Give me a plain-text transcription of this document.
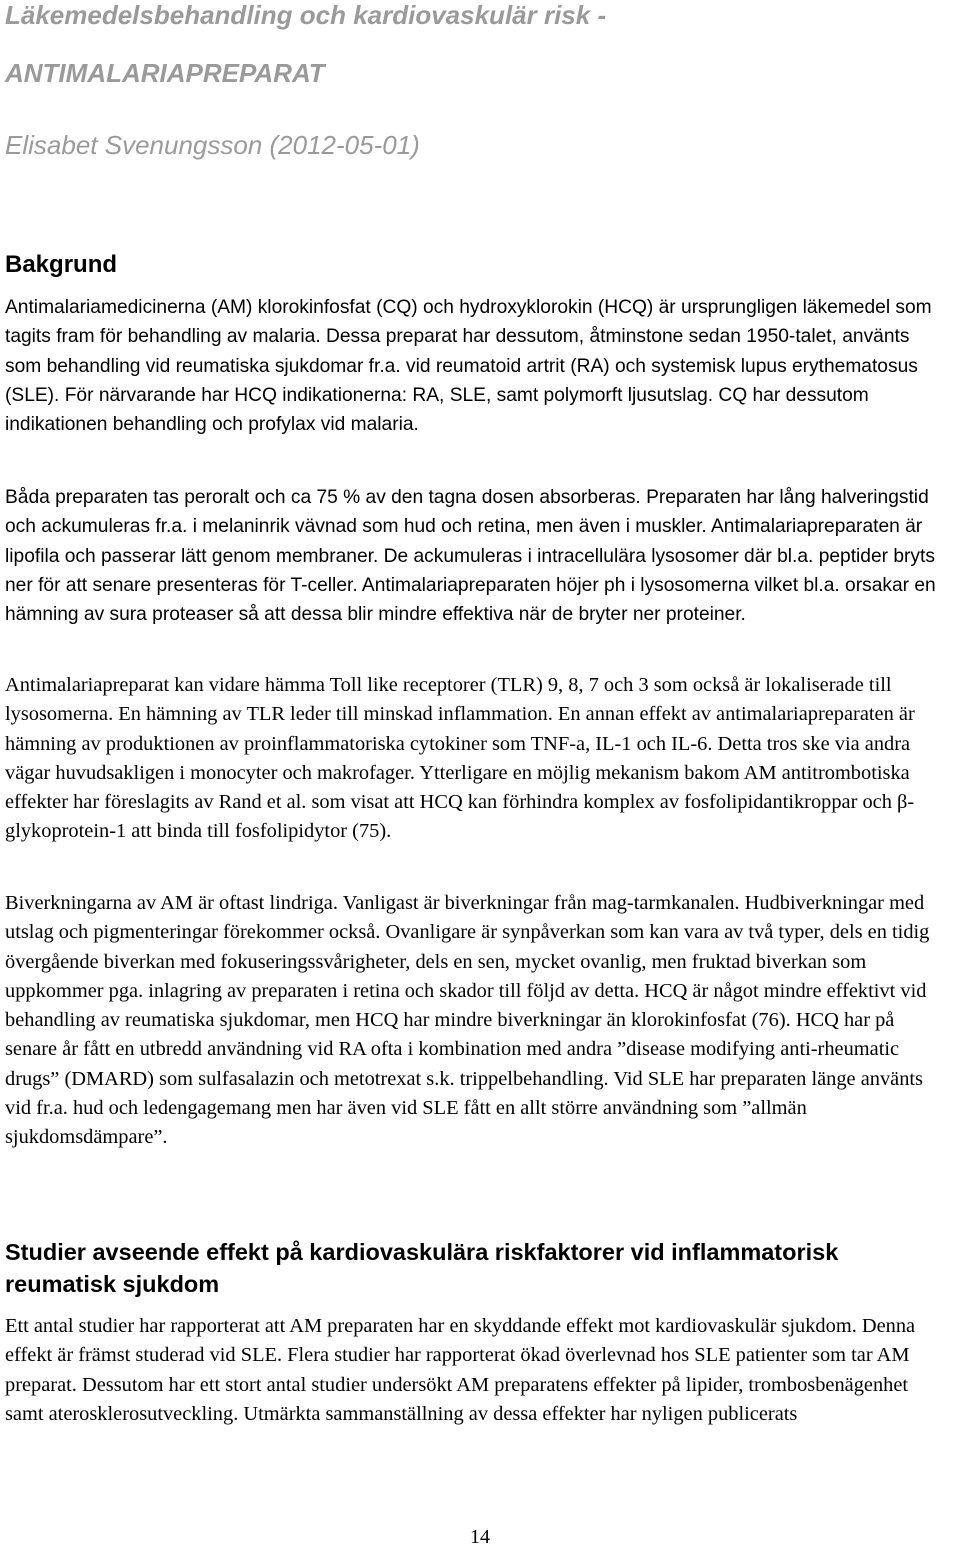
Läkemedelsbehandling och kardiovaskulär risk -
ANTIMALARIAPREPARAT

Elisabet Svenungsson (2012-05-01)

Bakgrund

Antimalariamedicinerna (AM) klorokinfosfat (CQ) och hydroxyklorokin (HCQ) är ursprungligen läkemedel som tagits fram för behandling av malaria. Dessa preparat har dessutom, åtminstone sedan 1950-talet, använts som behandling vid reumatiska sjukdomar fr.a. vid reumatoid artrit (RA) och systemisk lupus erythematosus (SLE). För närvarande har HCQ indikationerna: RA, SLE, samt polymorft ljusutslag. CQ har dessutom indikationen behandling och profylax vid malaria.

Båda preparaten tas peroralt och ca 75 % av den tagna dosen absorberas. Preparaten har lång halveringstid och ackumuleras fr.a. i melaninrik vävnad som hud och retina, men även i muskler. Antimalariapreparaten är lipofila och passerar lätt genom membraner. De ackumuleras i intracellulära lysosomer där bl.a. peptider bryts ner för att senare presenteras för T-celler. Antimalariapreparaten höjer ph i lysosomerna vilket bl.a. orsakar en hämning av sura proteaser så att dessa blir mindre effektiva när de bryter ner proteiner.

Antimalariapreparat kan vidare hämma Toll like receptorer (TLR) 9, 8, 7 och 3 som också är lokaliserade till lysosomerna. En hämning av TLR leder till minskad inflammation. En annan effekt av antimalariapreparaten är hämning av produktionen av proinflammatoriska cytokiner som TNF-a, IL-1 och IL-6. Detta tros ske via andra vägar huvudsakligen i monocyter och makrofager. Ytterligare en möjlig mekanism bakom AM antitrombotiska effekter har föreslagits av Rand et al. som visat att HCQ kan förhindra komplex av fosfolipidantikroppar och β-glykoprotein-1 att binda till fosfolipidytor (75).

Biverkningarna av AM är oftast lindriga. Vanligast är biverkningar från mag-tarmkanalen. Hudbiverkningar med utslag och pigmenteringar förekommer också. Ovanligare är synpåverkan som kan vara av två typer, dels en tidig övergående biverkan med fokuseringssvårigheter, dels en sen, mycket ovanlig, men fruktad biverkan som uppkommer pga. inlagring av preparaten i retina och skador till följd av detta. HCQ är något mindre effektivt vid behandling av reumatiska sjukdomar, men HCQ har mindre biverkningar än klorokinfosfat (76). HCQ har på senare år fått en utbredd användning vid RA ofta i kombination med andra ”disease modifying anti-rheumatic drugs” (DMARD) som sulfasalazin och metotrexat s.k. trippelbehandling. Vid SLE har preparaten länge använts vid fr.a. hud och ledengagemang men har även vid SLE fått en allt större användning som ”allmän sjukdomsdämpare”.

Studier avseende effekt på kardiovaskulära riskfaktorer vid inflammatorisk reumatisk sjukdom

Ett antal studier har rapporterat att AM preparaten har en skyddande effekt mot kardiovaskulär sjukdom. Denna effekt är främst studerad vid SLE. Flera studier har rapporterat ökad överlevnad hos SLE patienter som tar AM preparat. Dessutom har ett stort antal studier undersökt AM preparatens effekter på lipider, trombosbenägenhet samt aterosklerosutveckling. Utmärkta sammanställning av dessa effekter har nyligen publicerats

14
